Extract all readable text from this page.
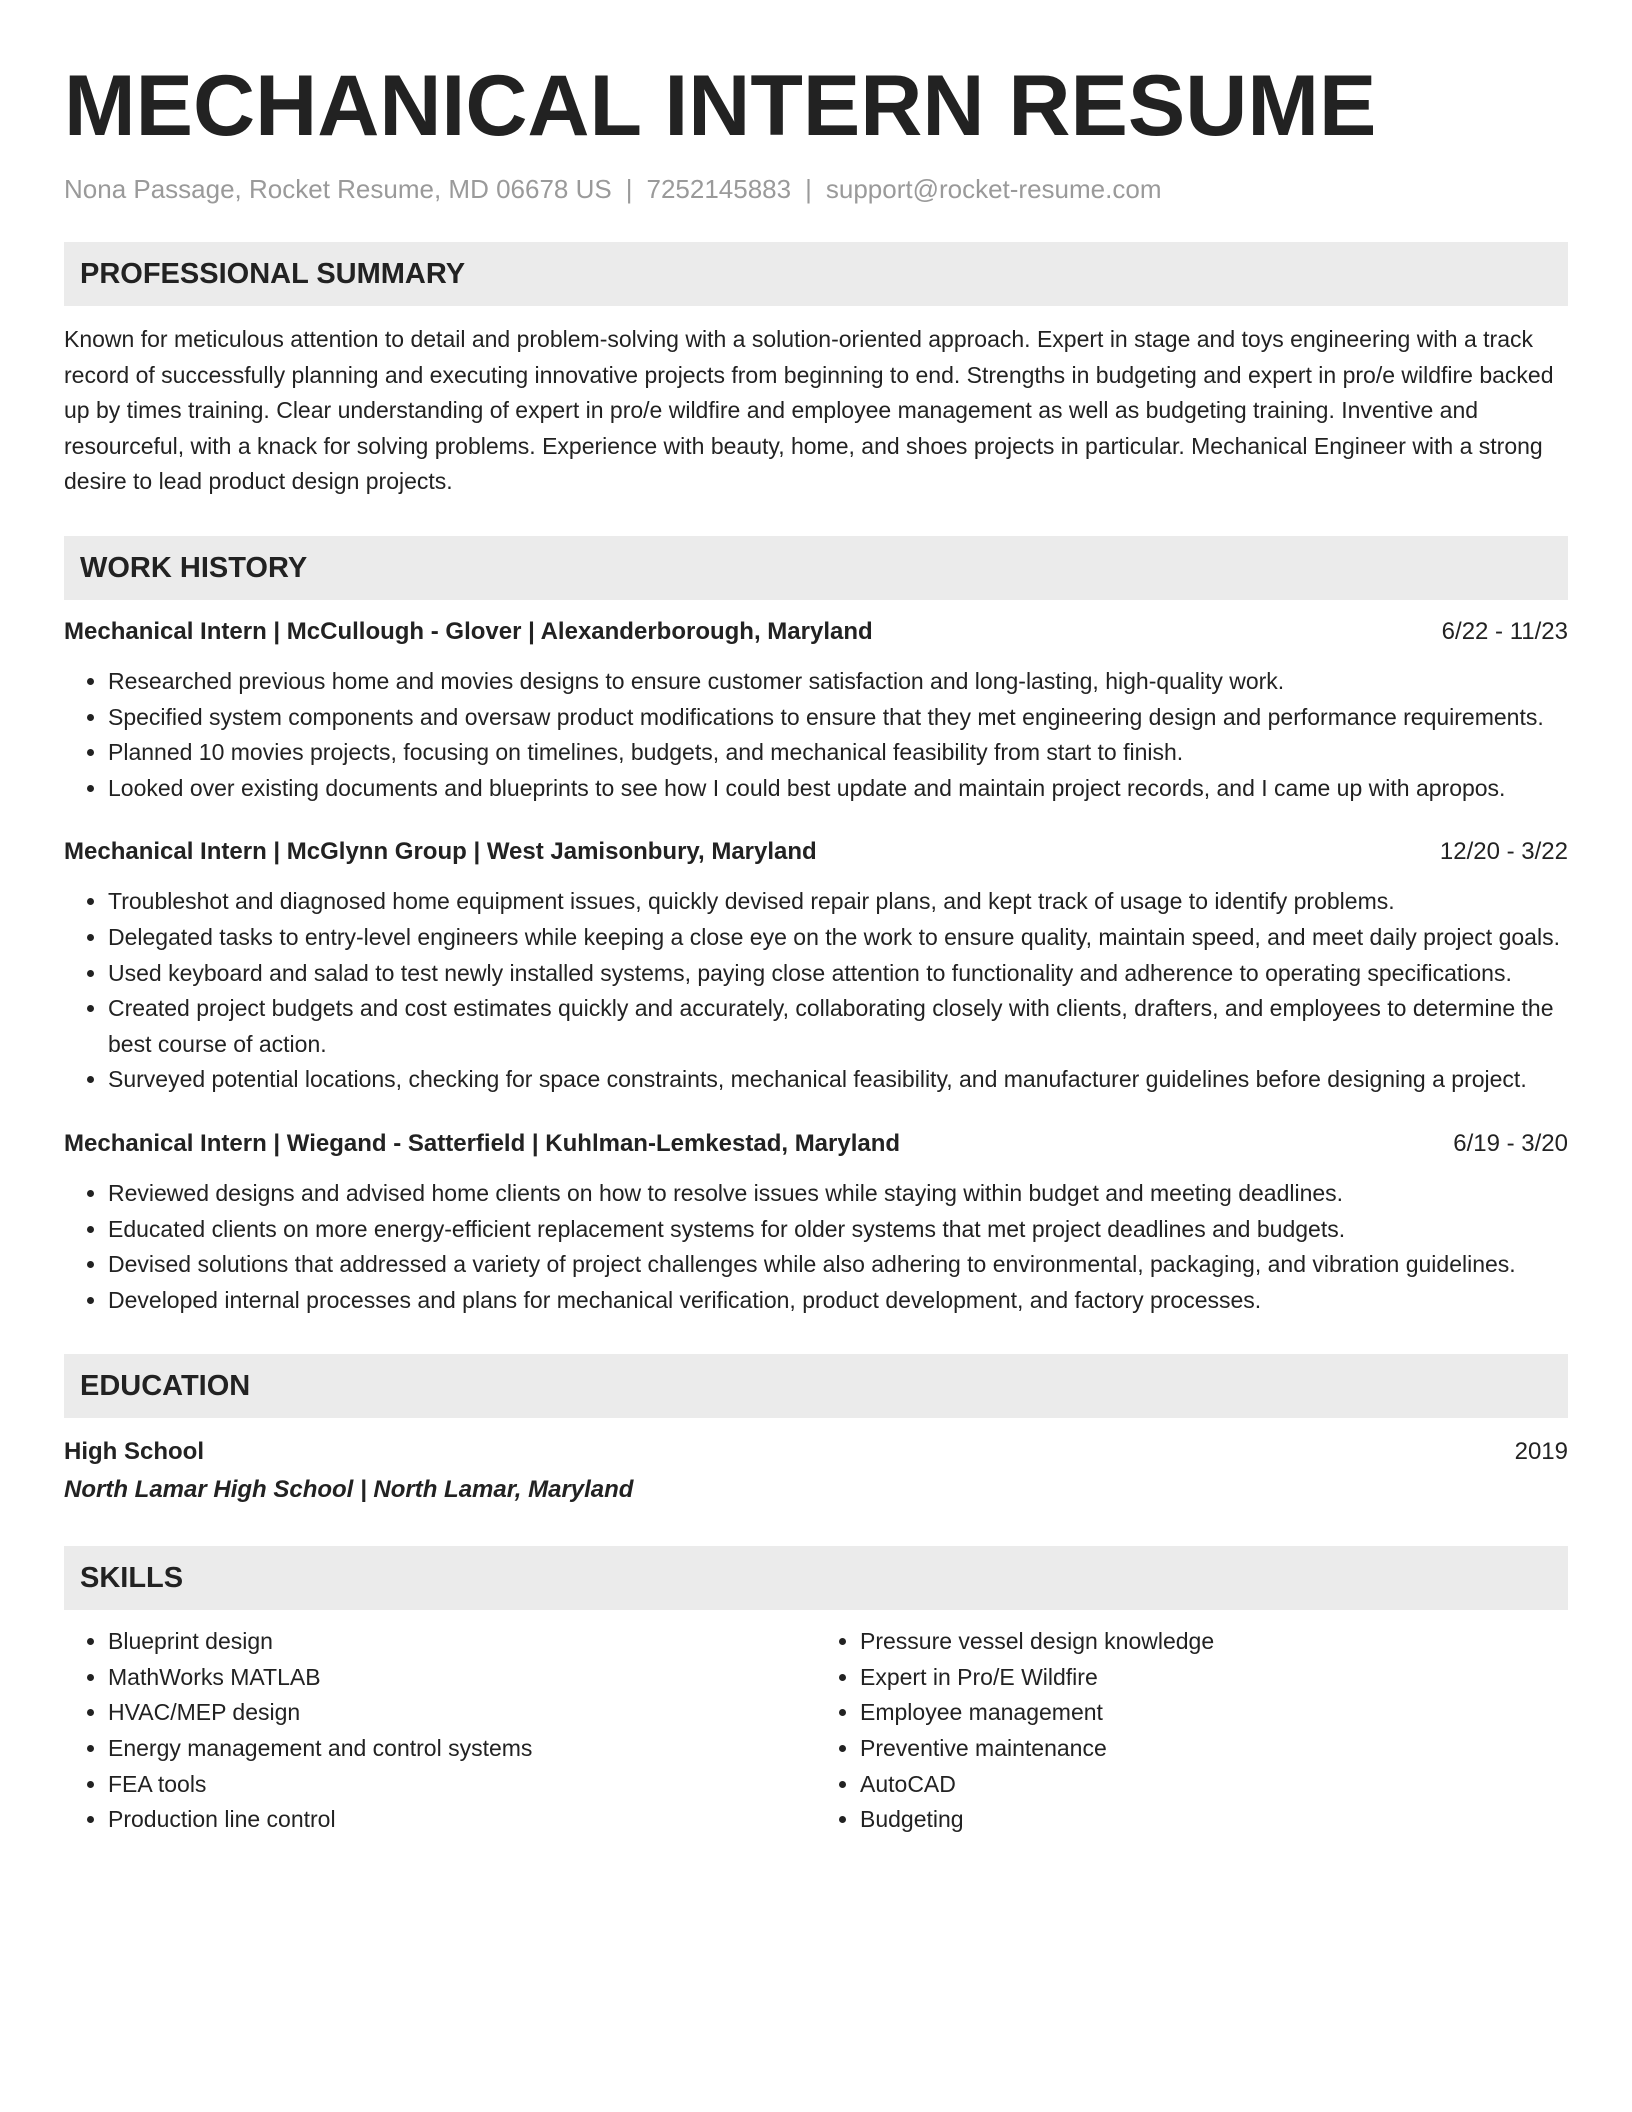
MECHANICAL INTERN RESUME
Nona Passage, Rocket Resume, MD 06678 US | 7252145883 | support@rocket-resume.com
PROFESSIONAL SUMMARY
Known for meticulous attention to detail and problem-solving with a solution-oriented approach. Expert in stage and toys engineering with a track record of successfully planning and executing innovative projects from beginning to end. Strengths in budgeting and expert in pro/e wildfire backed up by times training. Clear understanding of expert in pro/e wildfire and employee management as well as budgeting training. Inventive and resourceful, with a knack for solving problems. Experience with beauty, home, and shoes projects in particular. Mechanical Engineer with a strong desire to lead product design projects.
WORK HISTORY
Mechanical Intern | McCullough - Glover | Alexanderborough, Maryland	6/22 - 11/23
• Researched previous home and movies designs to ensure customer satisfaction and long-lasting, high-quality work.
• Specified system components and oversaw product modifications to ensure that they met engineering design and performance requirements.
• Planned 10 movies projects, focusing on timelines, budgets, and mechanical feasibility from start to finish.
• Looked over existing documents and blueprints to see how I could best update and maintain project records, and I came up with apropos.
Mechanical Intern | McGlynn Group | West Jamisonbury, Maryland	12/20 - 3/22
• Troubleshot and diagnosed home equipment issues, quickly devised repair plans, and kept track of usage to identify problems.
• Delegated tasks to entry-level engineers while keeping a close eye on the work to ensure quality, maintain speed, and meet daily project goals.
• Used keyboard and salad to test newly installed systems, paying close attention to functionality and adherence to operating specifications.
• Created project budgets and cost estimates quickly and accurately, collaborating closely with clients, drafters, and employees to determine the best course of action.
• Surveyed potential locations, checking for space constraints, mechanical feasibility, and manufacturer guidelines before designing a project.
Mechanical Intern | Wiegand - Satterfield | Kuhlman-Lemkestad, Maryland	6/19 - 3/20
• Reviewed designs and advised home clients on how to resolve issues while staying within budget and meeting deadlines.
• Educated clients on more energy-efficient replacement systems for older systems that met project deadlines and budgets.
• Devised solutions that addressed a variety of project challenges while also adhering to environmental, packaging, and vibration guidelines.
• Developed internal processes and plans for mechanical verification, product development, and factory processes.
EDUCATION
High School	2019
North Lamar High School | North Lamar, Maryland
SKILLS
• Blueprint design
• MathWorks MATLAB
• HVAC/MEP design
• Energy management and control systems
• FEA tools
• Production line control
• Pressure vessel design knowledge
• Expert in Pro/E Wildfire
• Employee management
• Preventive maintenance
• AutoCAD
• Budgeting
